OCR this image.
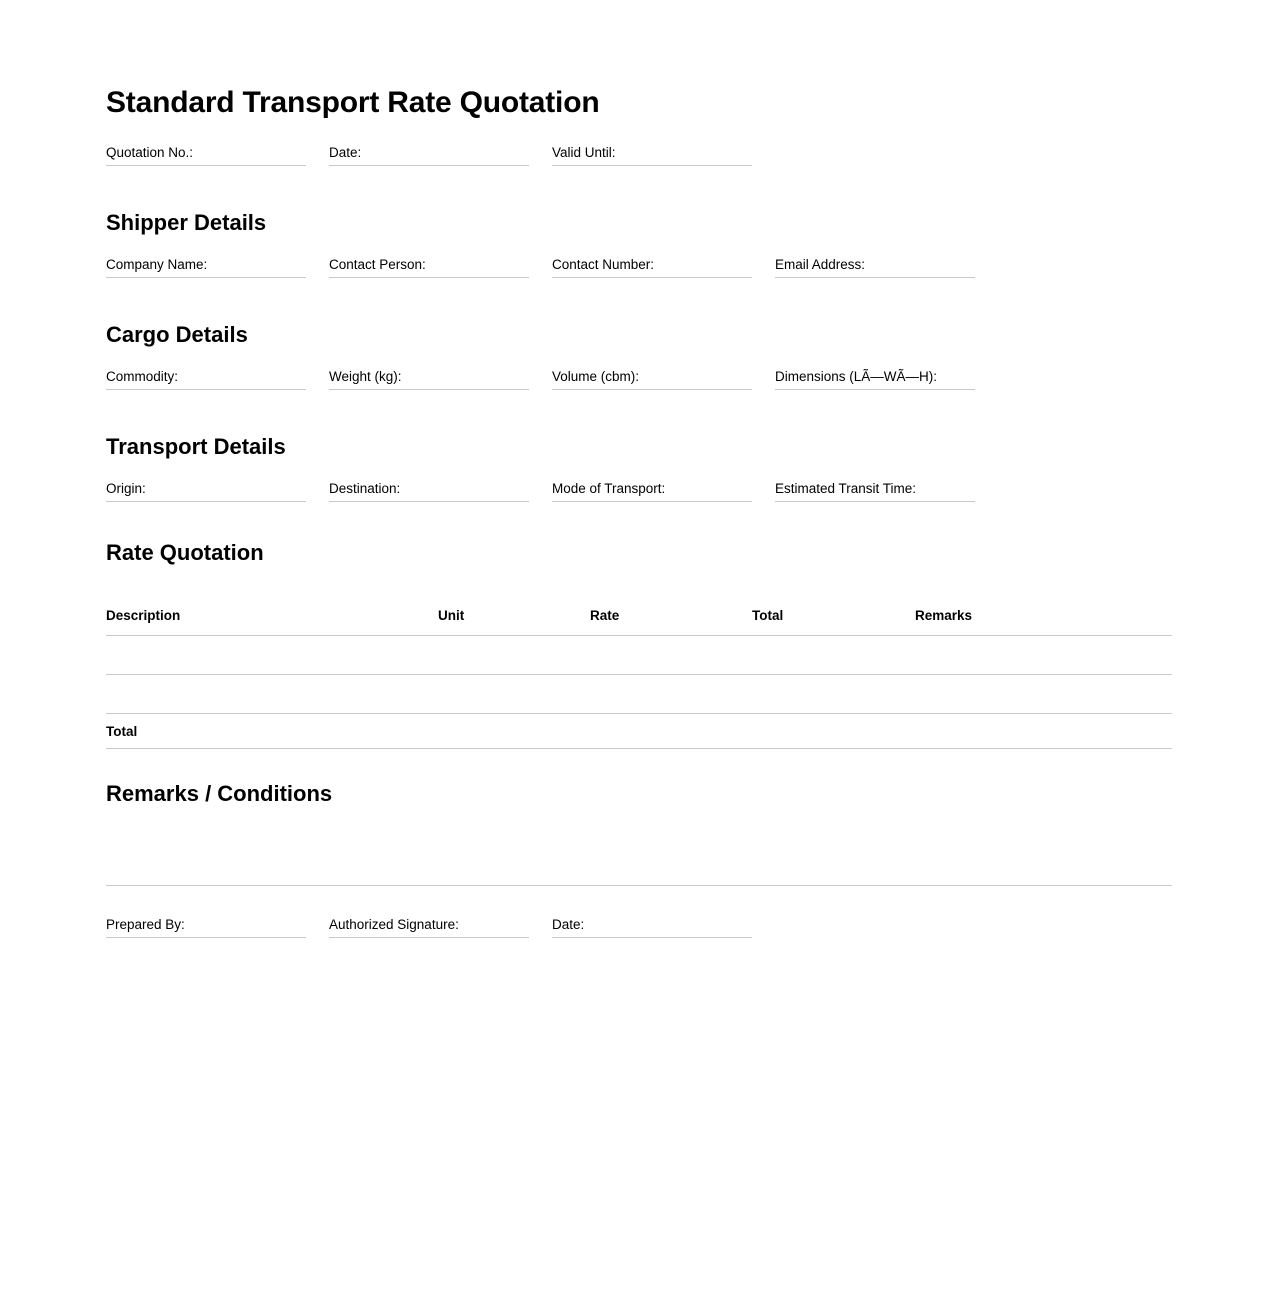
Standard Transport Rate Quotation
Quotation No.:	Date:	Valid Until:
Shipper Details
Company Name:	Contact Person:	Contact Number:	Email Address:
Cargo Details
Commodity:	Weight (kg):	Volume (cbm):	Dimensions (LÃ—WÃ—H):
Transport Details
Origin:	Destination:	Mode of Transport:	Estimated Transit Time:
Rate Quotation
Description	Unit	Rate	Total	Remarks

Total				
Remarks / Conditions
Prepared By:	Authorized Signature:	Date:
